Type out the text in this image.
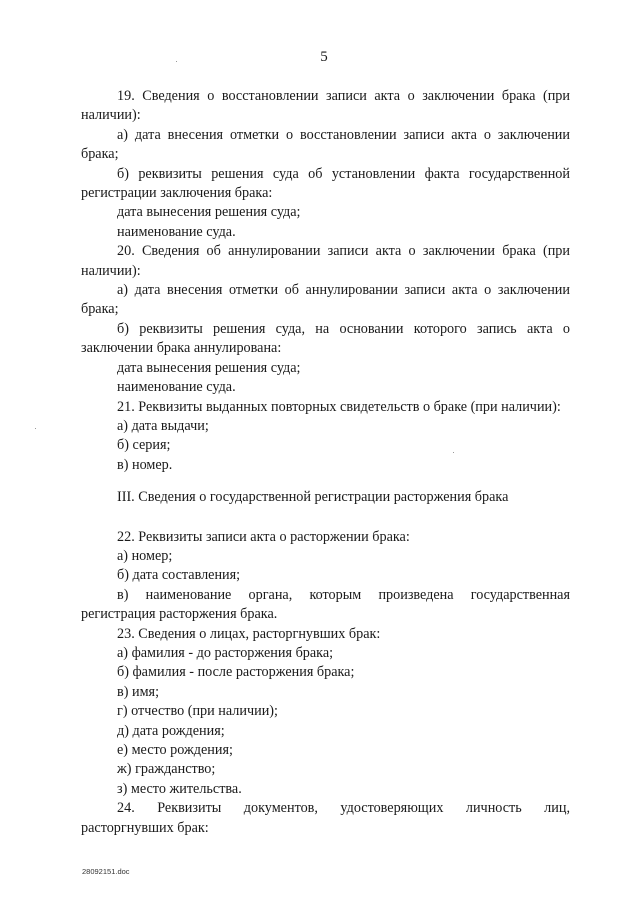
5

19. Сведения о восстановлении записи акта о заключении брака (при наличии):

а) дата внесения отметки о восстановлении записи акта о заключении брака;

б) реквизиты решения суда об установлении факта государственной регистрации заключения брака:

дата вынесения решения суда;

наименование суда.

20. Сведения об аннулировании записи акта о заключении брака (при наличии):

а) дата внесения отметки об аннулировании записи акта о заключении брака;

б) реквизиты решения суда, на основании которого запись акта о заключении брака аннулирована:

дата вынесения решения суда;

наименование суда.

21. Реквизиты выданных повторных свидетельств о браке (при наличии):

а) дата выдачи;

б) серия;

в) номер.

III. Сведения о государственной регистрации расторжения брака

22. Реквизиты записи акта о расторжении брака:

а) номер;

б) дата составления;

в) наименование органа, которым произведена государственная регистрация расторжения брака.

23. Сведения о лицах, расторгнувших брак:

а) фамилия - до расторжения брака;

б) фамилия - после расторжения брака;

в) имя;

г) отчество (при наличии);

д) дата рождения;

е) место рождения;

ж) гражданство;

з) место жительства.

24. Реквизиты документов, удостоверяющих личность лиц, расторгнувших брак:

28092151.doc
